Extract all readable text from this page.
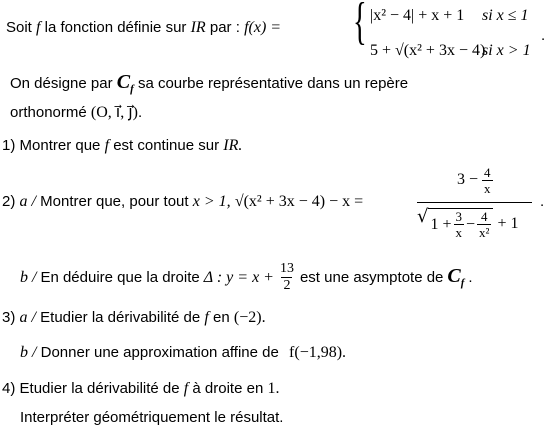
Soit f la fonction définie sur IR par : f(x) = { |x² − 4| + x + 1 si x ≤ 1
5 + √(x² + 3x − 4)
si x > 1
.
On désigne par $C_f$ sa courbe représentative dans un repère
orthonormé (O, i⃗, j⃗).
1) Montrer que f est continue sur IR.
2) a / Montrer que, pour tout x > 1, √(x² + 3x − 4) − x =
$3 - \frac{4}{x}$
√ $1 + \frac{3}{x} - \frac{4}{\text{x²}} + 1$
.
b / En déduire que la droite Δ : $y = x + \frac{13}{2}$ est une asymptote de $C_f$ .
3) a / Etudier la dérivabilité de f en (−2).
b / Donner une approximation affine de f(−1,98).
4) Etudier la dérivabilité de f à droite en 1.
Interpréter géométriquement le résultat.
